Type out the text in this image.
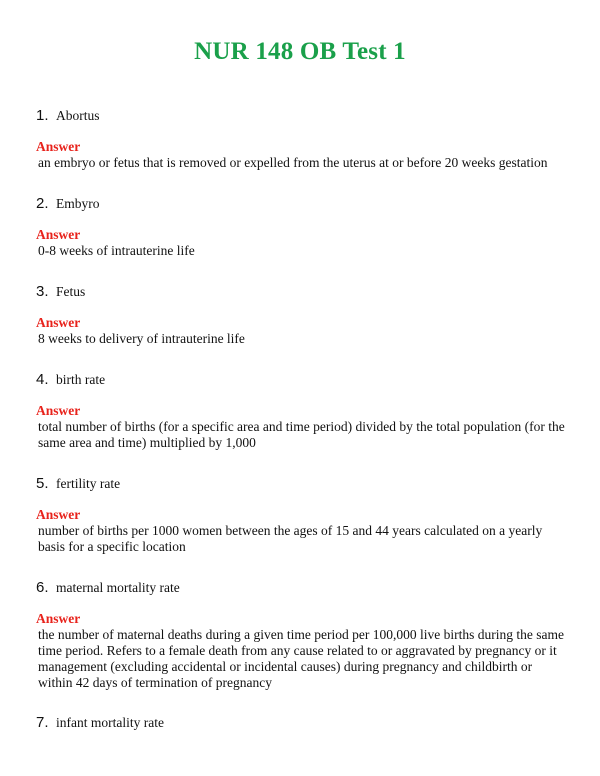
NUR 148 OB Test 1
1. Abortus
Answer
an embryo or fetus that is removed or expelled from the uterus at or before 20 weeks gestation
2. Embyro
Answer
0-8 weeks of intrauterine life
3. Fetus
Answer
8 weeks to delivery of intrauterine life
4. birth rate
Answer
total number of births (for a specific area and time period) divided by the total population (for the same area and time) multiplied by 1,000
5. fertility rate
Answer
number of births per 1000 women between the ages of 15 and 44 years calculated on a yearly basis for a specific location
6. maternal mortality rate
Answer
the number of maternal deaths during a given time period per 100,000 live births during the same time period. Refers to a female death from any cause related to or aggravated by pregnancy or it management (excluding accidental or incidental causes) during pregnancy and childbirth or within 42 days of termination of pregnancy
7. infant mortality rate
